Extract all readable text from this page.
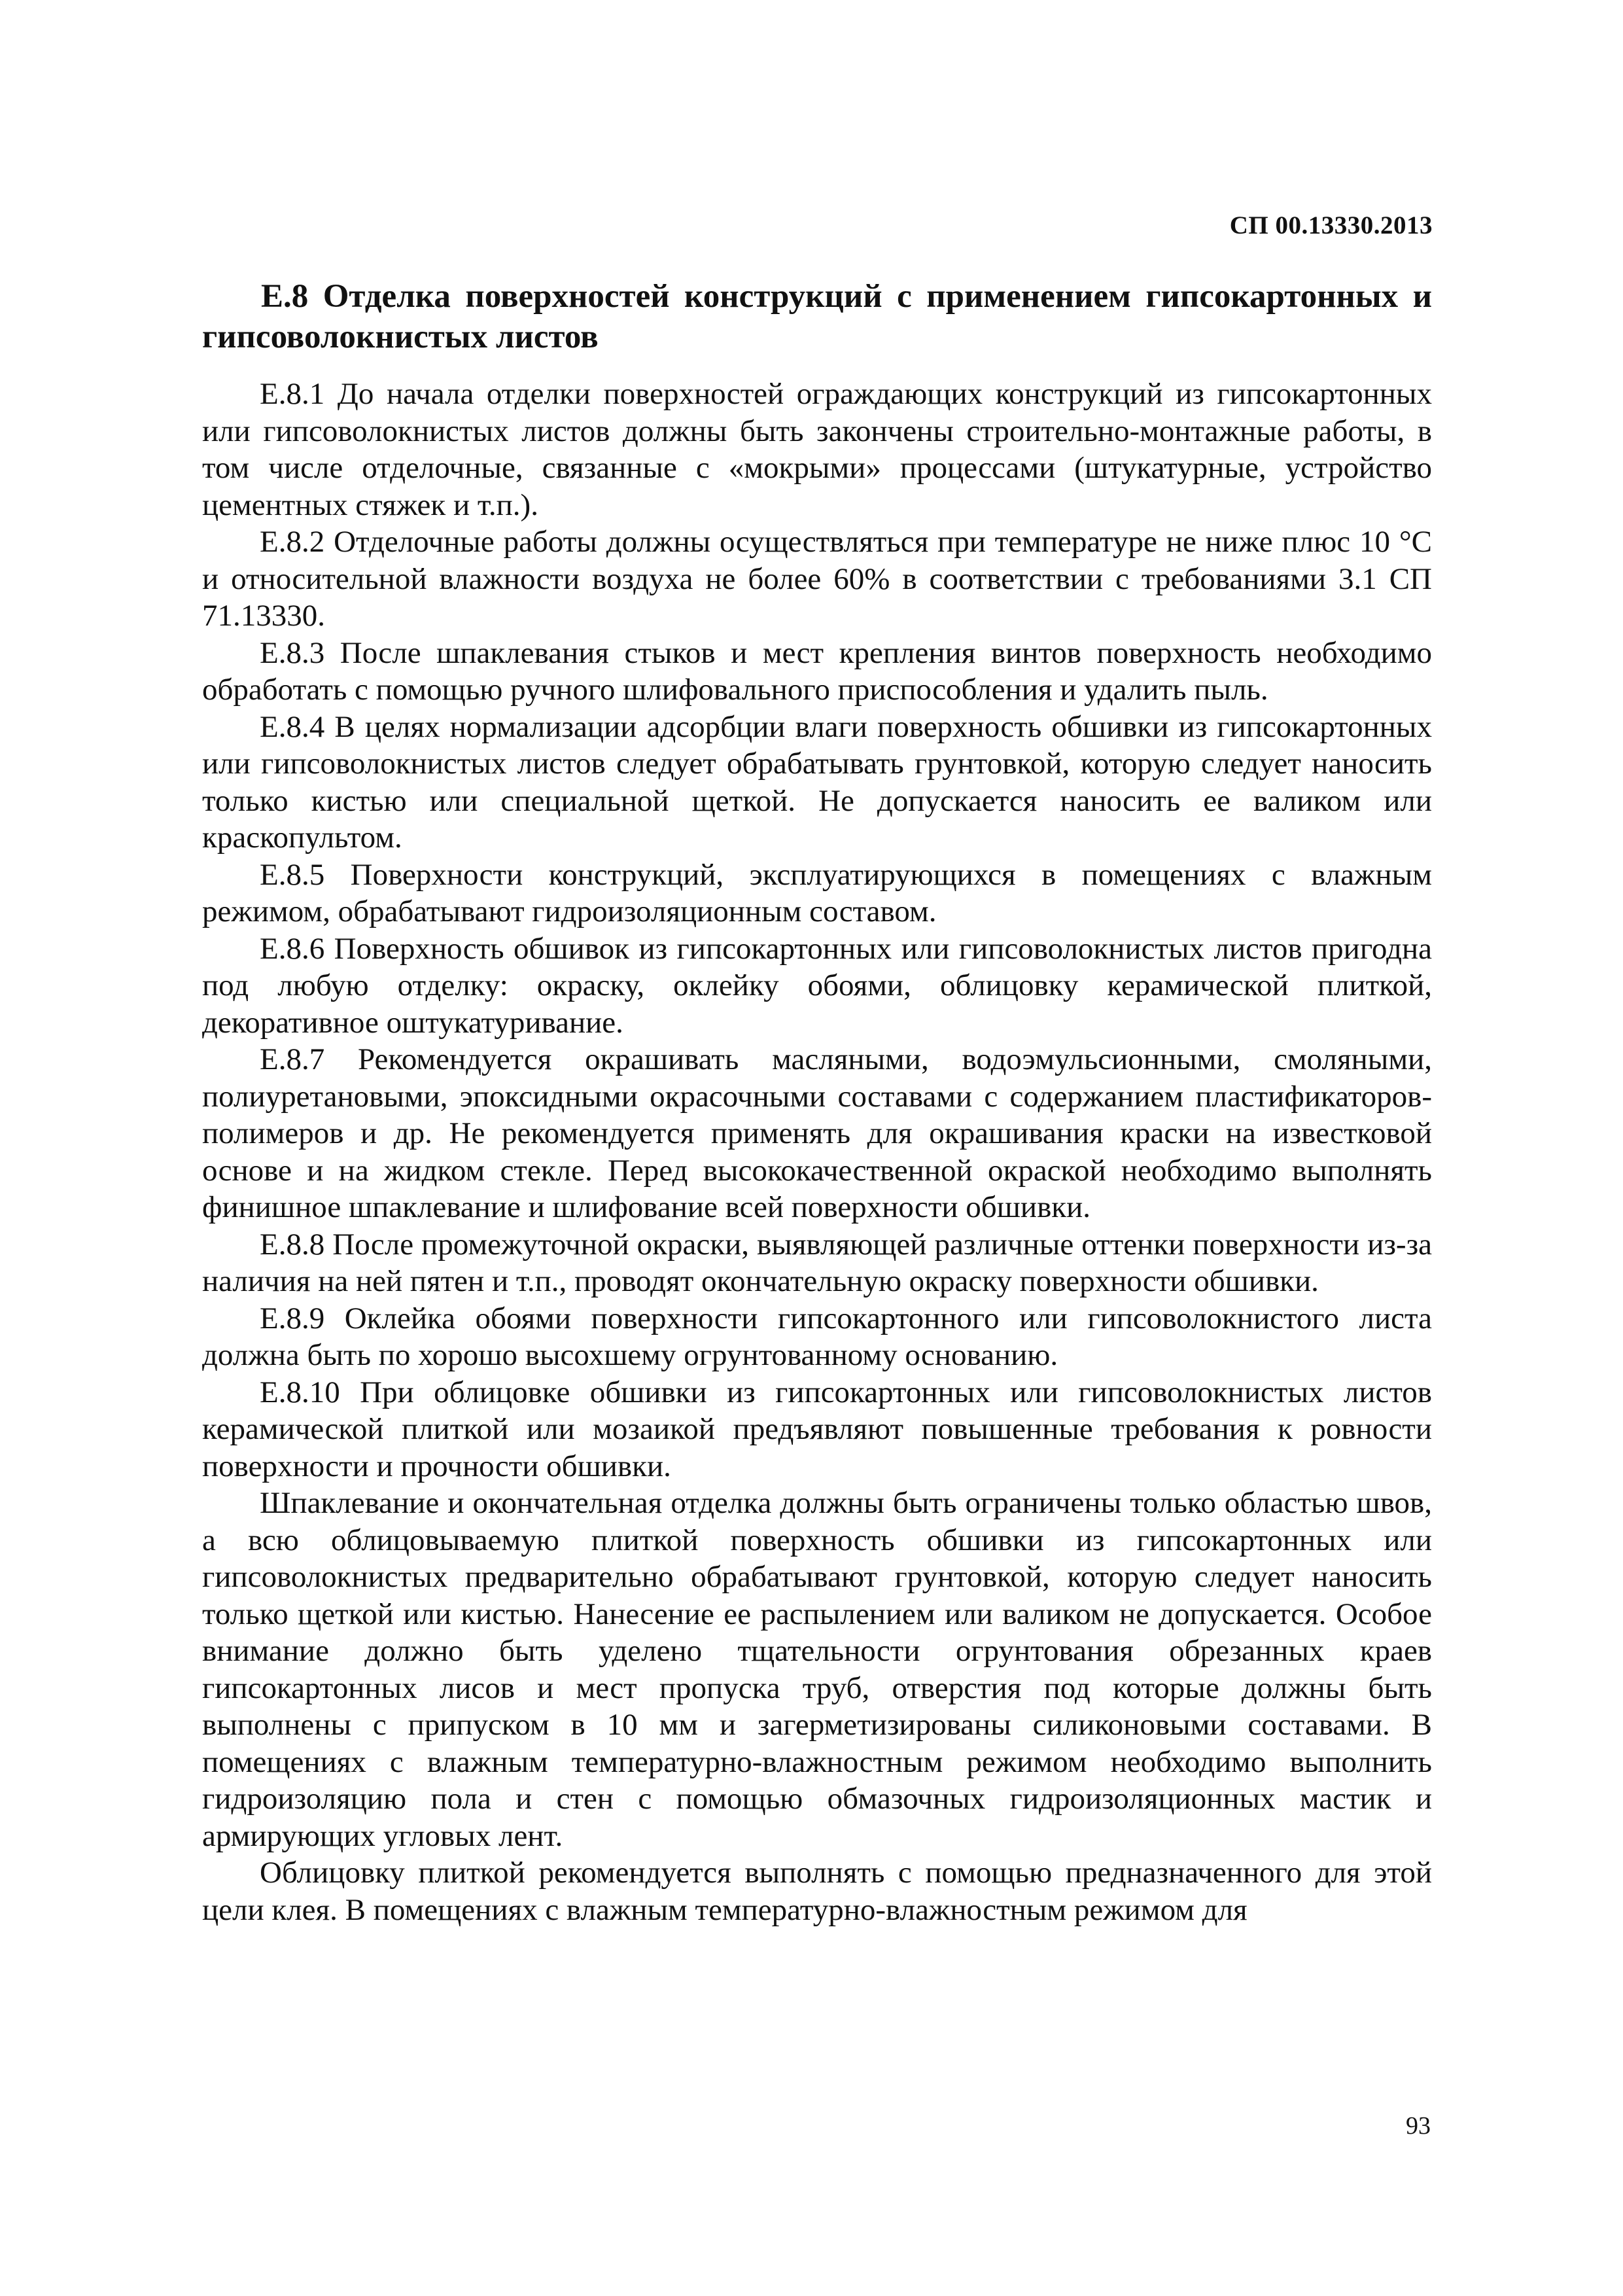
СП 00.13330.2013
Е.8 Отделка поверхностей конструкций с применением гипсокартонных и гипсоволокнистых листов

Е.8.1 До начала отделки поверхностей ограждающих конструкций из гипсокартонных или гипсоволокнистых листов должны быть закончены строительно-монтажные работы, в том числе отделочные, связанные с «мокрыми» процессами (штукатурные, устройство цементных стяжек и т.п.).

Е.8.2 Отделочные работы должны осуществляться при температуре не ниже плюс 10 °С и относительной влажности воздуха не более 60% в соответствии с требованиями 3.1 СП 71.13330.

Е.8.3 После шпаклевания стыков и мест крепления винтов поверхность необходимо обработать с помощью ручного шлифовального приспособления и удалить пыль.

Е.8.4 В целях нормализации адсорбции влаги поверхность обшивки из гипсокартонных или гипсоволокнистых листов следует обрабатывать грунтовкой, которую следует наносить только кистью или специальной щеткой. Не допускается наносить ее валиком или краскопультом.

Е.8.5 Поверхности конструкций, эксплуатирующихся в помещениях с влажным режимом, обрабатывают гидроизоляционным составом.

Е.8.6 Поверхность обшивок из гипсокартонных или гипсоволокнистых листов пригодна под любую отделку: окраску, оклейку обоями, облицовку керамической плиткой, декоративное оштукатуривание.

Е.8.7 Рекомендуется окрашивать масляными, водоэмульсионными, смоляными, полиуретановыми, эпоксидными окрасочными составами с содержанием пластификаторов-полимеров и др. Не рекомендуется применять для окрашивания краски на известковой основе и на жидком стекле. Перед высококачественной окраской необходимо выполнять финишное шпаклевание и шлифование всей поверхности обшивки.

Е.8.8 После промежуточной окраски, выявляющей различные оттенки поверхности из-за наличия на ней пятен и т.п., проводят окончательную окраску поверхности обшивки.

Е.8.9 Оклейка обоями поверхности гипсокартонного или гипсоволокнистого листа должна быть по хорошо высохшему огрунтованному основанию.

Е.8.10 При облицовке обшивки из гипсокартонных или гипсоволокнистых листов керамической плиткой или мозаикой предъявляют повышенные требования к ровности поверхности и прочности обшивки.

Шпаклевание и окончательная отделка должны быть ограничены только областью швов, а всю облицовываемую плиткой поверхность обшивки из гипсокартонных или гипсоволокнистых предварительно обрабатывают грунтовкой, которую следует наносить только щеткой или кистью. Нанесение ее распылением или валиком не допускается. Особое внимание должно быть уделено тщательности огрунтования обрезанных краев гипсокартонных лисов и мест пропуска труб, отверстия под которые должны быть выполнены с припуском в 10 мм и загерметизированы силиконовыми составами. В помещениях с влажным температурно-влажностным режимом необходимо выполнить гидроизоляцию пола и стен с помощью обмазочных гидроизоляционных мастик и армирующих угловых лент.

Облицовку плиткой рекомендуется выполнять с помощью предназначенного для этой цели клея. В помещениях с влажным температурно-влажностным режимом для

93
